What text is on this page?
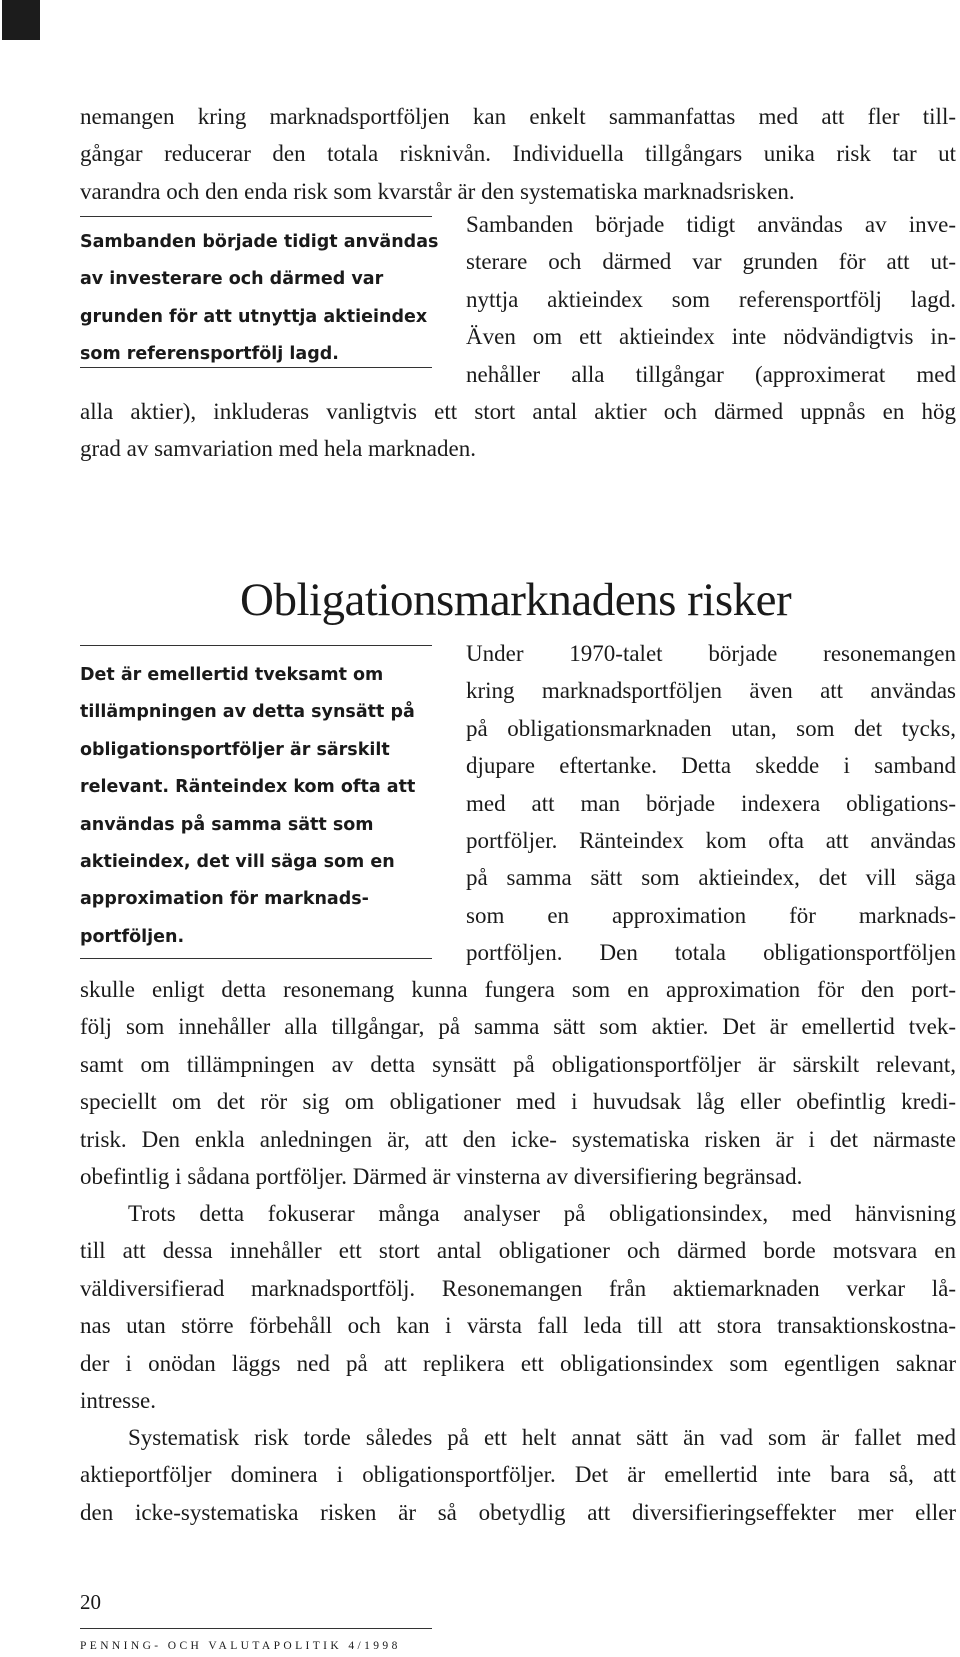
nemangen kring marknadsportföljen kan enkelt sammanfattas med att fler till-
gångar reducerar den totala risknivån. Individuella tillgångars unika risk tar ut
varandra och den enda risk som kvarstår är den systematiska marknadsrisken.

Sambanden började tidigt användas
av investerare och därmed var
grunden för att utnyttja aktieindex
som referensportfölj lagd.

Sambanden började tidigt användas av inve-
sterare och därmed var grunden för att ut-
nyttja aktieindex som referensportfölj lagd.
Även om ett aktieindex inte nödvändigtvis in-
nehåller alla tillgångar (approximerat med

alla aktier), inkluderas vanligtvis ett stort antal aktier och därmed uppnås en hög
grad av samvariation med hela marknaden.

Obligationsmarknadens risker

Det är emellertid tveksamt om
tillämpningen av detta synsätt på
obligationsportföljer är särskilt
relevant. Ränteindex kom ofta att
användas på samma sätt som
aktieindex, det vill säga som en
approximation för marknads-
portföljen.

Under 1970-talet började resonemangen
kring marknadsportföljen även att användas
på obligationsmarknaden utan, som det tycks,
djupare eftertanke. Detta skedde i samband
med att man började indexera obligations-
portföljer. Ränteindex kom ofta att användas
på samma sätt som aktieindex, det vill säga
som en approximation för marknads-
portföljen. Den totala obligationsportföljen

skulle enligt detta resonemang kunna fungera som en approximation för den port-
följ som innehåller alla tillgångar, på samma sätt som aktier. Det är emellertid tvek-
samt om tillämpningen av detta synsätt på obligationsportföljer är särskilt relevant,
speciellt om det rör sig om obligationer med i huvudsak låg eller obefintlig kredi-
trisk. Den enkla anledningen är, att den icke- systematiska risken är i det närmaste
obefintlig i sådana portföljer. Därmed är vinsterna av diversifiering begränsad.

Trots detta fokuserar många analyser på obligationsindex, med hänvisning
till att dessa innehåller ett stort antal obligationer och därmed borde motsvara en
väldiversifierad marknadsportfölj. Resonemangen från aktiemarknaden verkar lå-
nas utan större förbehåll och kan i värsta fall leda till att stora transaktionskostna-
der i onödan läggs ned på att replikera ett obligationsindex som egentligen saknar
intresse.

Systematisk risk torde således på ett helt annat sätt än vad som är fallet med
aktieportföljer dominera i obligationsportföljer. Det är emellertid inte bara så, att
den icke-systematiska risken är så obetydlig att diversifieringseffekter mer eller

20
PENNING- OCH VALUTAPOLITIK 4/1998
